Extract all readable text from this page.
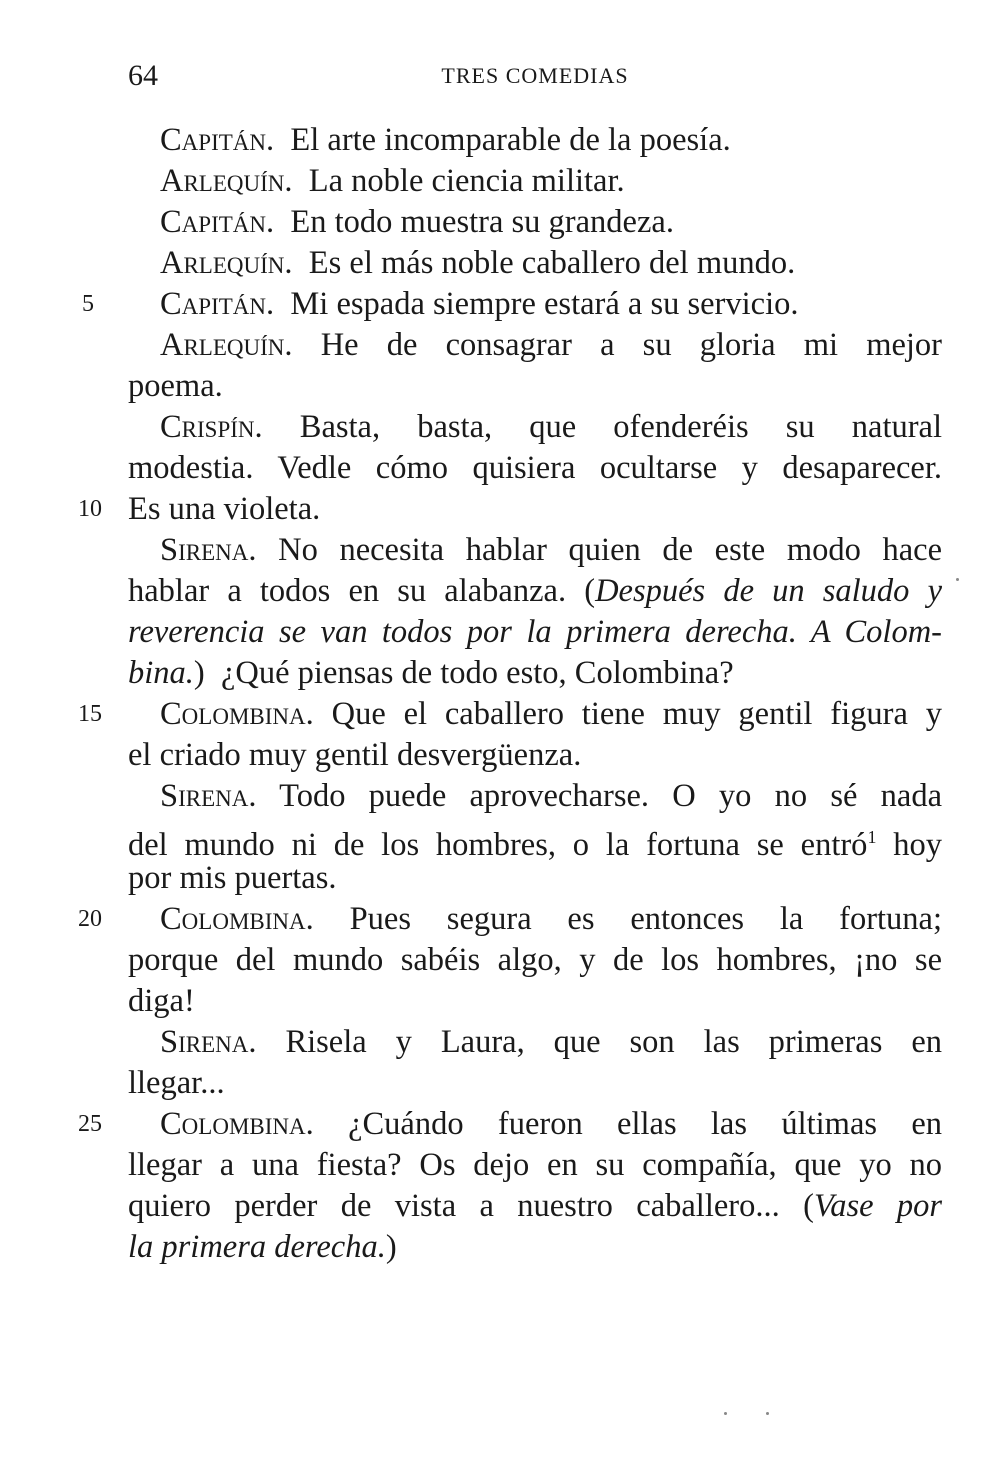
64	TRES COMEDIAS
Capitán. El arte incomparable de la poesía.
Arlequín. La noble ciencia militar.
Capitán. En todo muestra su grandeza.
Arlequín. Es el más noble caballero del mundo.
5	Capitán. Mi espada siempre estará a su servicio.
Arlequín. He de consagrar a su gloria mi mejor
poema.
Crispín. Basta, basta, que ofenderéis su natural
modestia. Vedle cómo quisiera ocultarse y desaparecer.
10 Es una violeta.
Sirena. No necesita hablar quien de este modo hace
hablar a todos en su alabanza. (Después de un saludo y
reverencia se van todos por la primera derecha. A Colom-
bina.)  ¿Qué piensas de todo esto, Colombina?
15	Colombina. Que el caballero tiene muy gentil figura y
el criado muy gentil desvergüenza.
Sirena. Todo puede aprovecharse. O yo no sé nada
del mundo ni de los hombres, o la fortuna se entró$^1$ hoy
por mis puertas.
20	Colombina. Pues segura es entonces la fortuna;
porque del mundo sabéis algo, y de los hombres, ¡no se
diga!
Sirena. Risela y Laura, que son las primeras en
llegar...
25	Colombina. ¿Cuándo fueron ellas las últimas en
llegar a una fiesta? Os dejo en su compañía, que yo no
quiero perder de vista a nuestro caballero... (Vase por
la primera derecha.)
